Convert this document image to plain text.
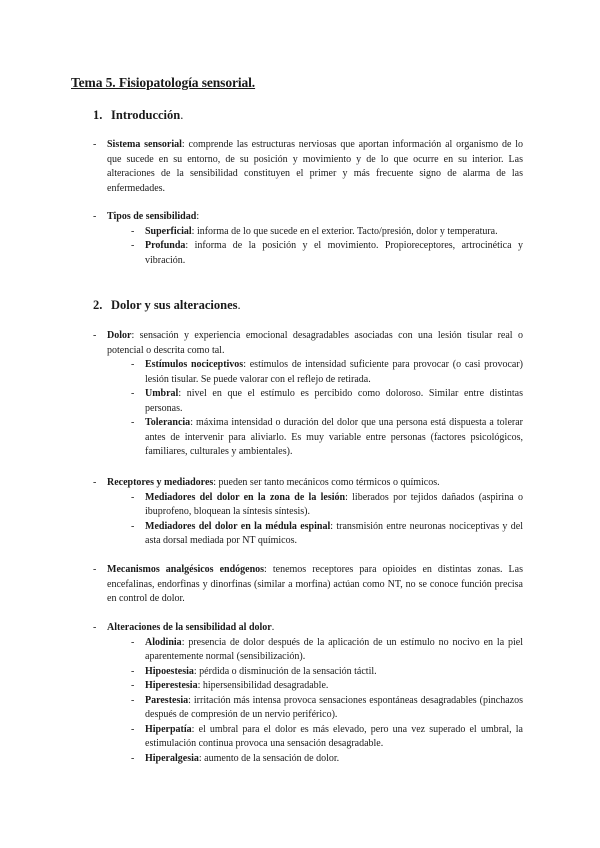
Tema 5. Fisiopatología sensorial.
1. Introducción.
- Sistema sensorial: comprende las estructuras nerviosas que aportan información al organismo de lo que sucede en su entorno, de su posición y movimiento y de lo que ocurre en su interior. Las alteraciones de la sensibilidad constituyen el primer y más frecuente signo de alarma de las enfermedades.
- Tipos de sensibilidad:
- Superficial: informa de lo que sucede en el exterior. Tacto/presión, dolor y temperatura.
- Profunda: informa de la posición y el movimiento. Propioreceptores, artrocinética y vibración.
2. Dolor y sus alteraciones.
- Dolor: sensación y experiencia emocional desagradables asociadas con una lesión tisular real o potencial o descrita como tal.
- Estímulos nociceptivos: estímulos de intensidad suficiente para provocar (o casi provocar) lesión tisular. Se puede valorar con el reflejo de retirada.
- Umbral: nivel en que el estímulo es percibido como doloroso. Similar entre distintas personas.
- Tolerancia: máxima intensidad o duración del dolor que una persona está dispuesta a tolerar antes de intervenir para aliviarlo. Es muy variable entre personas (factores psicológicos, familiares, culturales y ambientales).
- Receptores y mediadores: pueden ser tanto mecánicos como térmicos o químicos.
- Mediadores del dolor en la zona de la lesión: liberados por tejidos dañados (aspirina o ibuprofeno, bloquean la síntesis síntesis).
- Mediadores del dolor en la médula espinal: transmisión entre neuronas nociceptivas y del asta dorsal mediada por NT químicos.
- Mecanismos analgésicos endógenos: tenemos receptores para opioides en distintas zonas. Las encefalinas, endorfinas y dinorfinas (similar a morfina) actúan como NT, no se conoce función precisa en control de dolor.
- Alteraciones de la sensibilidad al dolor.
- Alodinia: presencia de dolor después de la aplicación de un estímulo no nocivo en la piel aparentemente normal (sensibilización).
- Hipoestesia: pérdida o disminución de la sensación táctil.
- Hiperestesia: hipersensibilidad desagradable.
- Parestesia: irritación más intensa provoca sensaciones espontáneas desagradables (pinchazos después de compresión de un nervio periférico).
- Hiperpatía: el umbral para el dolor es más elevado, pero una vez superado el umbral, la estimulación continua provoca una sensación desagradable.
- Hiperalgesia: aumento de la sensación de dolor.
